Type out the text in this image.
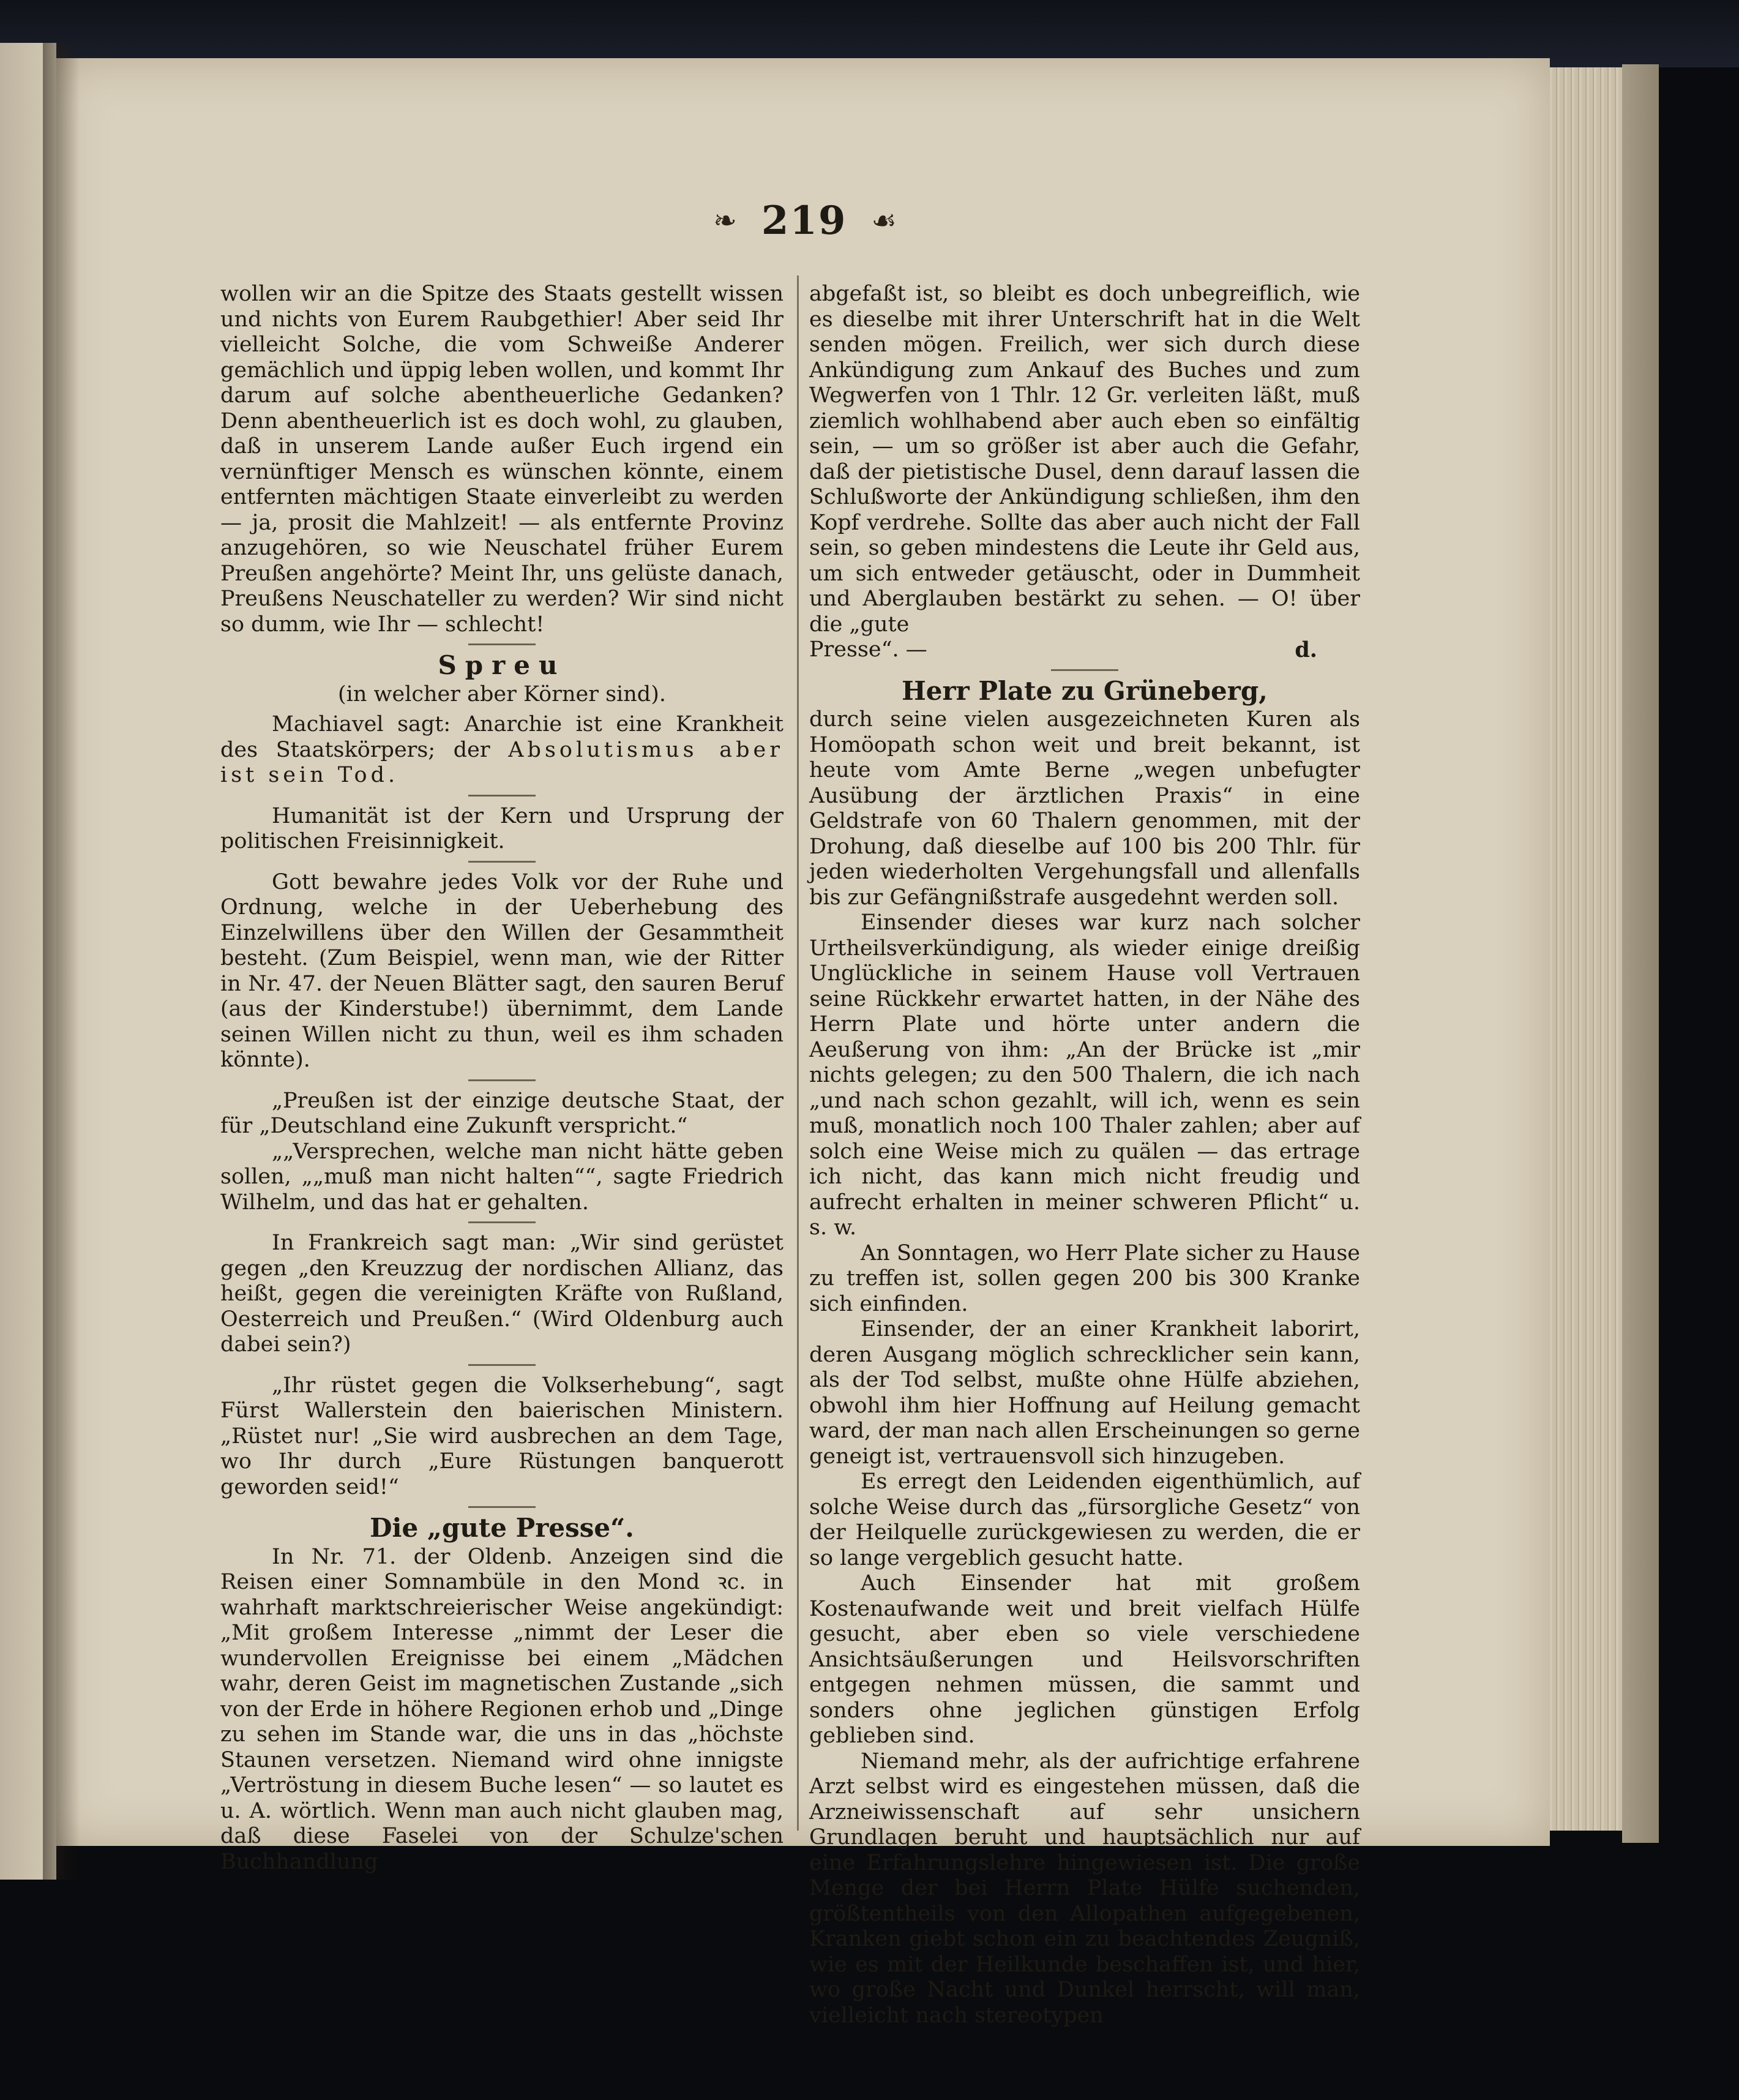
❧ 219 ☙

wollen wir an die Spitze des Staats gestellt wissen und nichts von Eurem Raubgethier! Aber seid Ihr vielleicht Solche, die vom Schweiße Anderer gemächlich und üppig leben wollen, und kommt Ihr darum auf solche abentheuerliche Gedanken? Denn abentheuerlich ist es doch wohl, zu glauben, daß in unserem Lande außer Euch irgend ein vernünftiger Mensch es wünschen könnte, einem entfernten mächtigen Staate einverleibt zu werden — ja, prosit die Mahlzeit! — als entfernte Provinz anzugehören, so wie Neuschatel früher Eurem Preußen angehörte? Meint Ihr, uns gelüste danach, Preußens Neuschateller zu werden? Wir sind nicht so dumm, wie Ihr — schlecht!

Spreu
(in welcher aber Körner sind).

Machiavel sagt: Anarchie ist eine Krankheit des Staatskörpers; der Absolutismus aber ist sein Tod.

Humanität ist der Kern und Ursprung der politischen Freisinnigkeit.

Gott bewahre jedes Volk vor der Ruhe und Ordnung, welche in der Ueberhebung des Einzelwillens über den Willen der Gesammtheit besteht. (Zum Beispiel, wenn man, wie der Ritter in Nr. 47. der Neuen Blätter sagt, den sauren Beruf (aus der Kinderstube!) übernimmt, dem Lande seinen Willen nicht zu thun, weil es ihm schaden könnte).

„Preußen ist der einzige deutsche Staat, der für „Deutschland eine Zukunft verspricht.“

„„Versprechen, welche man nicht hätte geben sollen, „„muß man nicht halten““, sagte Friedrich Wilhelm, und das hat er gehalten.

In Frankreich sagt man: „Wir sind gerüstet gegen „den Kreuzzug der nordischen Allianz, das heißt, gegen die vereinigten Kräfte von Rußland, Oesterreich und Preußen.“ (Wird Oldenburg auch dabei sein?)

„Ihr rüstet gegen die Volkserhebung“, sagt Fürst Wallerstein den baierischen Ministern. „Rüstet nur! „Sie wird ausbrechen an dem Tage, wo Ihr durch „Eure Rüstungen banquerott geworden seid!“

Die „gute Presse“.

In Nr. 71. der Oldenb. Anzeigen sind die Reisen einer Somnambüle in den Mond ꝛc. in wahrhaft marktschreierischer Weise angekündigt: „Mit großem Interesse „nimmt der Leser die wundervollen Ereignisse bei einem „Mädchen wahr, deren Geist im magnetischen Zustande „sich von der Erde in höhere Regionen erhob und „Dinge zu sehen im Stande war, die uns in das „höchste Staunen versetzen. Niemand wird ohne innigste „Vertröstung in diesem Buche lesen“ — so lautet es u. A. wörtlich. Wenn man auch nicht glauben mag, daß diese Faselei von der Schulze'schen Buchhandlung

abgefaßt ist, so bleibt es doch unbegreiflich, wie es dieselbe mit ihrer Unterschrift hat in die Welt senden mögen. Freilich, wer sich durch diese Ankündigung zum Ankauf des Buches und zum Wegwerfen von 1 Thlr. 12 Gr. verleiten läßt, muß ziemlich wohlhabend aber auch eben so einfältig sein, — um so größer ist aber auch die Gefahr, daß der pietistische Dusel, denn darauf lassen die Schlußworte der Ankündigung schließen, ihm den Kopf verdrehe. Sollte das aber auch nicht der Fall sein, so geben mindestens die Leute ihr Geld aus, um sich entweder getäuscht, oder in Dummheit und Aberglauben bestärkt zu sehen. — O! über die „gute

Presse“. —	d.
Herr Plate zu Grüneberg,

durch seine vielen ausgezeichneten Kuren als Homöopath schon weit und breit bekannt, ist heute vom Amte Berne „wegen unbefugter Ausübung der ärztlichen Praxis“ in eine Geldstrafe von 60 Thalern genommen, mit der Drohung, daß dieselbe auf 100 bis 200 Thlr. für jeden wiederholten Vergehungsfall und allenfalls bis zur Gefängnißstrafe ausgedehnt werden soll.

Einsender dieses war kurz nach solcher Urtheilsverkündigung, als wieder einige dreißig Unglückliche in seinem Hause voll Vertrauen seine Rückkehr erwartet hatten, in der Nähe des Herrn Plate und hörte unter andern die Aeußerung von ihm: „An der Brücke ist „mir nichts gelegen; zu den 500 Thalern, die ich nach „und nach schon gezahlt, will ich, wenn es sein muß, monatlich noch 100 Thaler zahlen; aber auf solch eine Weise mich zu quälen — das ertrage ich nicht, das kann mich nicht freudig und aufrecht erhalten in meiner schweren Pflicht“ u. s. w.

An Sonntagen, wo Herr Plate sicher zu Hause zu treffen ist, sollen gegen 200 bis 300 Kranke sich einfinden.

Einsender, der an einer Krankheit laborirt, deren Ausgang möglich schrecklicher sein kann, als der Tod selbst, mußte ohne Hülfe abziehen, obwohl ihm hier Hoffnung auf Heilung gemacht ward, der man nach allen Erscheinungen so gerne geneigt ist, vertrauensvoll sich hinzugeben.

Es erregt den Leidenden eigenthümlich, auf solche Weise durch das „fürsorgliche Gesetz“ von der Heilquelle zurückgewiesen zu werden, die er so lange vergeblich gesucht hatte.

Auch Einsender hat mit großem Kostenaufwande weit und breit vielfach Hülfe gesucht, aber eben so viele verschiedene Ansichtsäußerungen und Heilsvorschriften entgegen nehmen müssen, die sammt und sonders ohne jeglichen günstigen Erfolg geblieben sind.

Niemand mehr, als der aufrichtige erfahrene Arzt selbst wird es eingestehen müssen, daß die Arzneiwissenschaft auf sehr unsichern Grundlagen beruht und hauptsächlich nur auf eine Erfahrungslehre hingewiesen ist. Die große Menge der bei Herrn Plate Hülfe suchenden, größtentheils von den Allopathen aufgegebenen, Kranken giebt schon ein zu beachtendes Zeugniß, wie es mit der Heilkunde beschaffen ist, und hier, wo große Nacht und Dunkel herrscht, will man, vielleicht nach stereotypen
